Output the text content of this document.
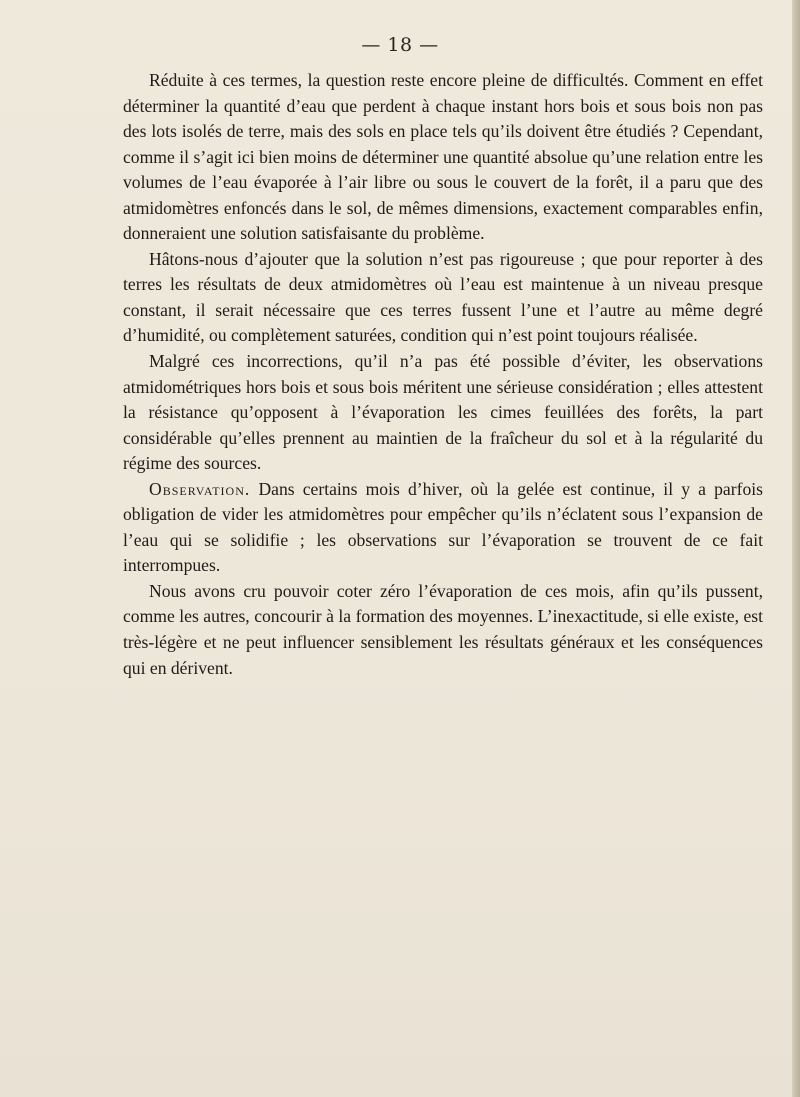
— 18 —

Réduite à ces termes, la question reste encore pleine de difficultés. Comment en effet déterminer la quantité d’eau que perdent à chaque instant hors bois et sous bois non pas des lots isolés de terre, mais des sols en place tels qu’ils doivent être étudiés ? Cependant, comme il s’agit ici bien moins de déterminer une quantité absolue qu’une relation entre les volumes de l’eau évaporée à l’air libre ou sous le couvert de la forêt, il a paru que des atmidomètres enfoncés dans le sol, de mêmes dimensions, exactement comparables enfin, donneraient une solution satisfaisante du problème.

Hâtons-nous d’ajouter que la solution n’est pas rigoureuse ; que pour reporter à des terres les résultats de deux atmidomètres où l’eau est maintenue à un niveau presque constant, il serait nécessaire que ces terres fussent l’une et l’autre au même degré d’humidité, ou complètement saturées, condition qui n’est point toujours réalisée.

Malgré ces incorrections, qu’il n’a pas été possible d’éviter, les observations atmidométriques hors bois et sous bois méritent une sérieuse considération ; elles attestent la résistance qu’opposent à l’évaporation les cimes feuillées des forêts, la part considérable qu’elles prennent au maintien de la fraîcheur du sol et à la régularité du régime des sources.

Observation. Dans certains mois d’hiver, où la gelée est continue, il y a parfois obligation de vider les atmidomètres pour empêcher qu’ils n’éclatent sous l’expansion de l’eau qui se solidifie ; les observations sur l’évaporation se trouvent de ce fait interrompues.

Nous avons cru pouvoir coter zéro l’évaporation de ces mois, afin qu’ils pussent, comme les autres, concourir à la formation des moyennes. L’inexactitude, si elle existe, est très-légère et ne peut influencer sensiblement les résultats généraux et les conséquences qui en dérivent.
